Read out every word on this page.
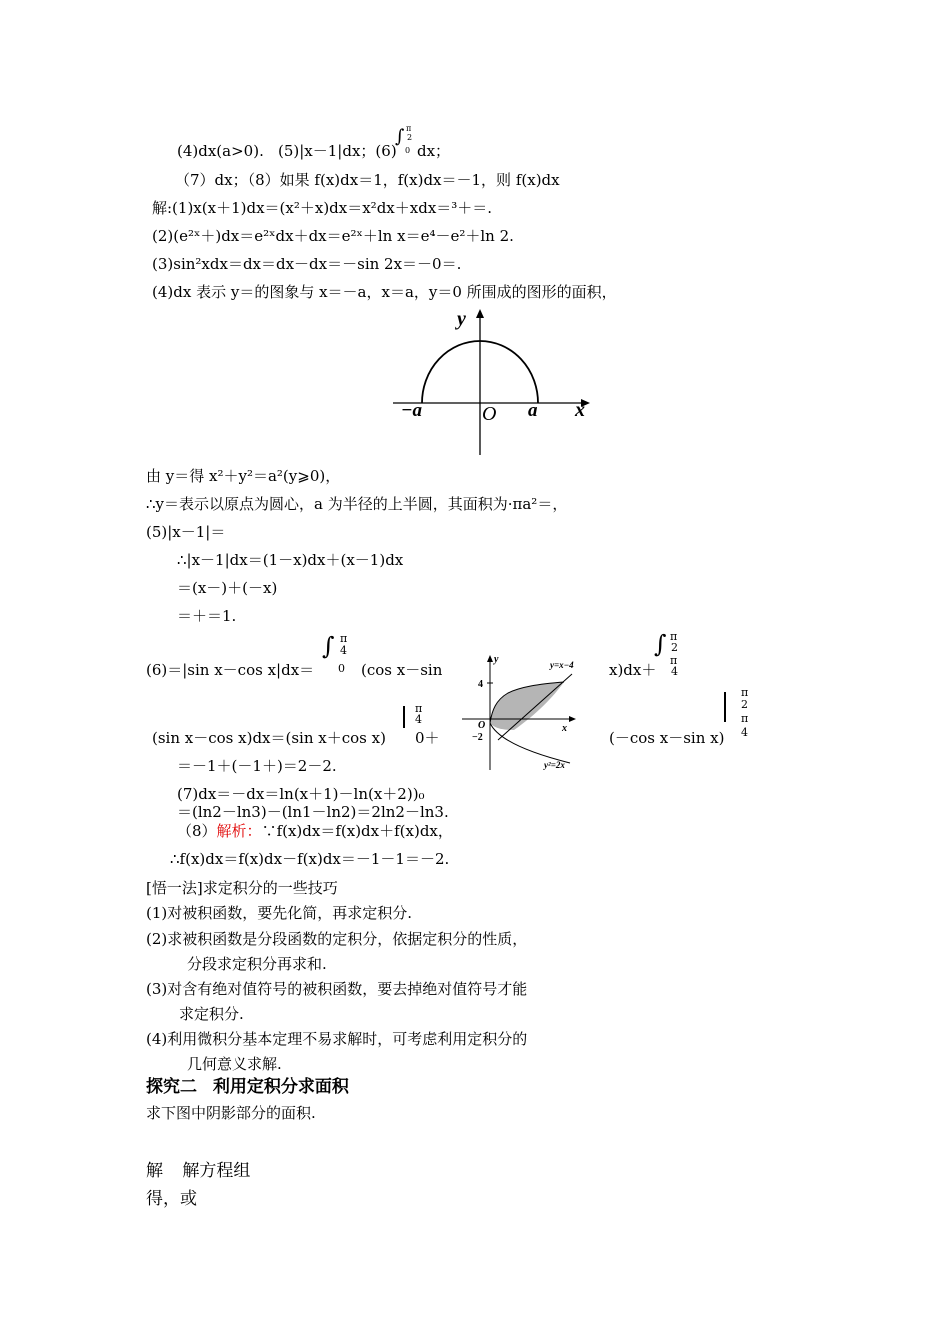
(4)dx(a>0). (5)|x－1|dx；(6)
∫ π
2
0 dx；
（7）dx；（8）如果 f(x)dx＝1，f(x)dx＝－1，则 f(x)dx
解:(1)x(x＋1)dx＝(x²＋x)dx＝x²dx＋xdx＝³＋＝.
(2)(e²ˣ＋)dx＝e²ˣdx＋dx＝e²ˣ＋ln x＝e⁴－e²＋ln 2.
(3)sin²xdx＝dx＝dx－dx＝－sin 2x＝－0＝.
(4)dx 表示 y＝的图象与 x＝－a，x＝a，y＝0 所围成的图形的面积，
y
x
−a	O a
由 y＝得 x²＋y²＝a²(y⩾0)，
∴y＝表示以原点为圆心，a 为半径的上半圆，其面积为·πa²＝，
(5)|x－1|＝
∴|x－1|dx＝(1－x)dx＋(x－1)dx
＝(x－)＋(－x)
＝＋＝1.
(6)＝|sin x－cos x|dx＝
∫ π
4
0 (cos x－sin	x)dx＋
∫ π
2
π
4
y
x
y=x−4
y²=2x
4
−2
O
(sin x－cos x)dx＝(sin x＋cos x)
π
4
0＋	(－cos x－sin x)
π
2
π
4
＝－1＋(－1＋)＝2－2.
(7)dx＝－dx＝ln(x＋1)－ln(x＋2))₀
＝(ln2－ln3)－(ln1－ln2)＝2ln2－ln3.
（8）解析：∵f(x)dx＝f(x)dx＋f(x)dx，
∴f(x)dx＝f(x)dx－f(x)dx＝－1－1＝－2.
[悟一法]求定积分的一些技巧
(1)对被积函数，要先化简，再求定积分.
(2)求被积函数是分段函数的定积分，依据定积分的性质，
分段求定积分再求和.
(3)对含有绝对值符号的被积函数，要去掉绝对值符号才能
求定积分.
(4)利用微积分基本定理不易求解时，可考虑利用定积分的
几何意义求解.
探究二 利用定积分求面积
求下图中阴影部分的面积.
解 解方程组
得，或
